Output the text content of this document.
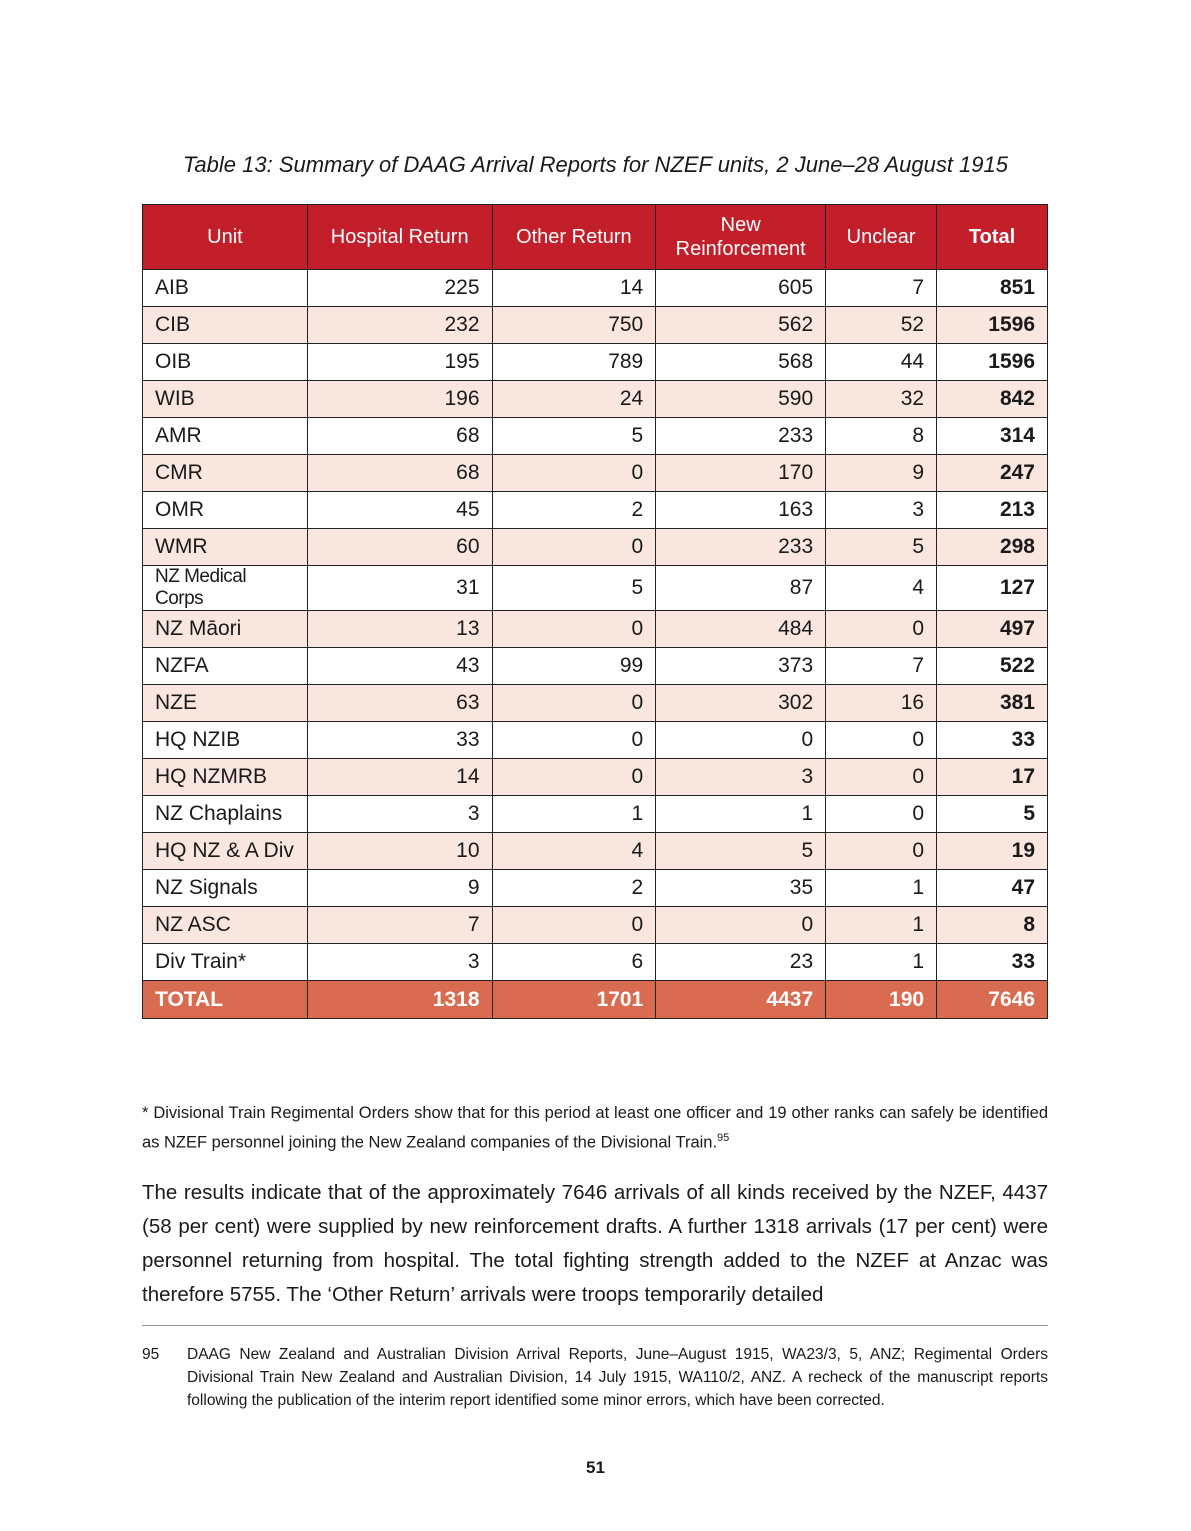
Table 13: Summary of DAAG Arrival Reports for NZEF units, 2 June–28 August 1915
Unit	Hospital Return	Other Return	New Reinforcement	Unclear	Total
AIB	225	14	605	7	851
CIB	232	750	562	52	1596
OIB	195	789	568	44	1596
WIB	196	24	590	32	842
AMR	68	5	233	8	314
CMR	68	0	170	9	247
OMR	45	2	163	3	213
WMR	60	0	233	5	298
NZ Medical Corps	31	5	87	4	127
NZ Māori	13	0	484	0	497
NZFA	43	99	373	7	522
NZE	63	0	302	16	381
HQ NZIB	33	0	0	0	33
HQ NZMRB	14	0	3	0	17
NZ Chaplains	3	1	1	0	5
HQ NZ & A Div	10	4	5	0	19
NZ Signals	9	2	35	1	47
NZ ASC	7	0	0	1	8
Div Train*	3	6	23	1	33
TOTAL	1318	1701	4437	190	7646
* Divisional Train Regimental Orders show that for this period at least one officer and 19 other ranks can safely be identified as NZEF personnel joining the New Zealand companies of the Divisional Train.$^{95}$
The results indicate that of the approximately 7646 arrivals of all kinds received by the NZEF, 4437 (58 per cent) were supplied by new reinforcement drafts. A further 1318 arrivals (17 per cent) were personnel returning from hospital. The total fighting strength added to the NZEF at Anzac was therefore 5755. The ‘Other Return’ arrivals were troops temporarily detailed
95 DAAG New Zealand and Australian Division Arrival Reports, June–August 1915, WA23/3, 5, ANZ; Regimental Orders Divisional Train New Zealand and Australian Division, 14 July 1915, WA110/2, ANZ. A recheck of the manuscript reports following the publication of the interim report identified some minor errors, which have been corrected.
51
